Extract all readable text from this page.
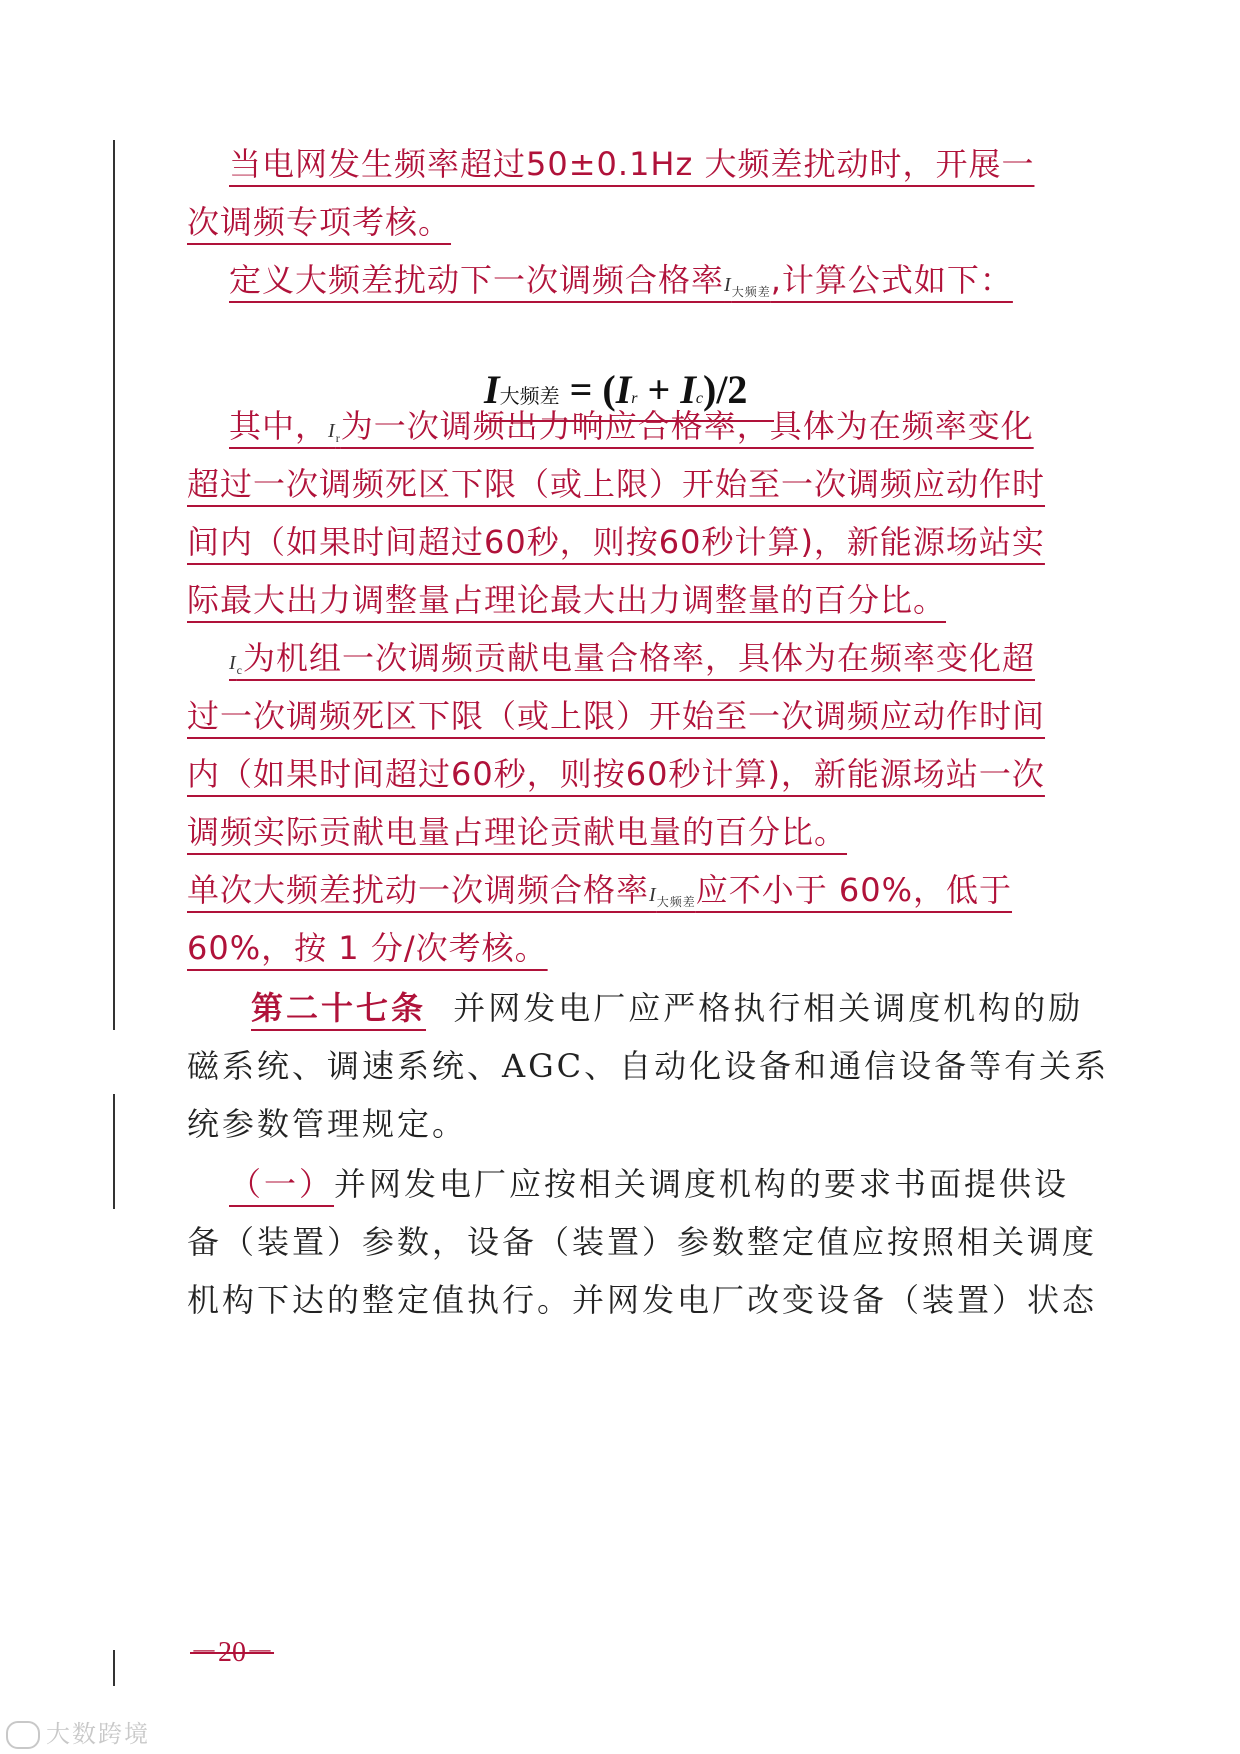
当电网发生频率超过50±0.1Hz 大频差扰动时，开展一
次调频专项考核。
定义大频差扰动下一次调频合格率$I_{大频差}$,计算公式如下：
I大频差 = (Ir + Ic)/2
其中，$I_r$为一次调频出力响应合格率，具体为在频率变化
超过一次调频死区下限（或上限）开始至一次调频应动作时
间内（如果时间超过60秒，则按60秒计算)，新能源场站实
际最大出力调整量占理论最大出力调整量的百分比。
$I_c$为机组一次调频贡献电量合格率，具体为在频率变化超
过一次调频死区下限（或上限）开始至一次调频应动作时间
内（如果时间超过60秒，则按60秒计算)，新能源场站一次
调频实际贡献电量占理论贡献电量的百分比。
单次大频差扰动一次调频合格率$I_{大频差}$应不小于 60%，低于
60%，按 1 分/次考核。
第二十七条 并网发电厂应严格执行相关调度机构的励
磁系统、调速系统、AGC、自动化设备和通信设备等有关系
统参数管理规定。
（一）并网发电厂应按相关调度机构的要求书面提供设
备（装置）参数，设备（装置）参数整定值应按照相关调度
机构下达的整定值执行。并网发电厂改变设备（装置）状态
－20－
大数跨境
